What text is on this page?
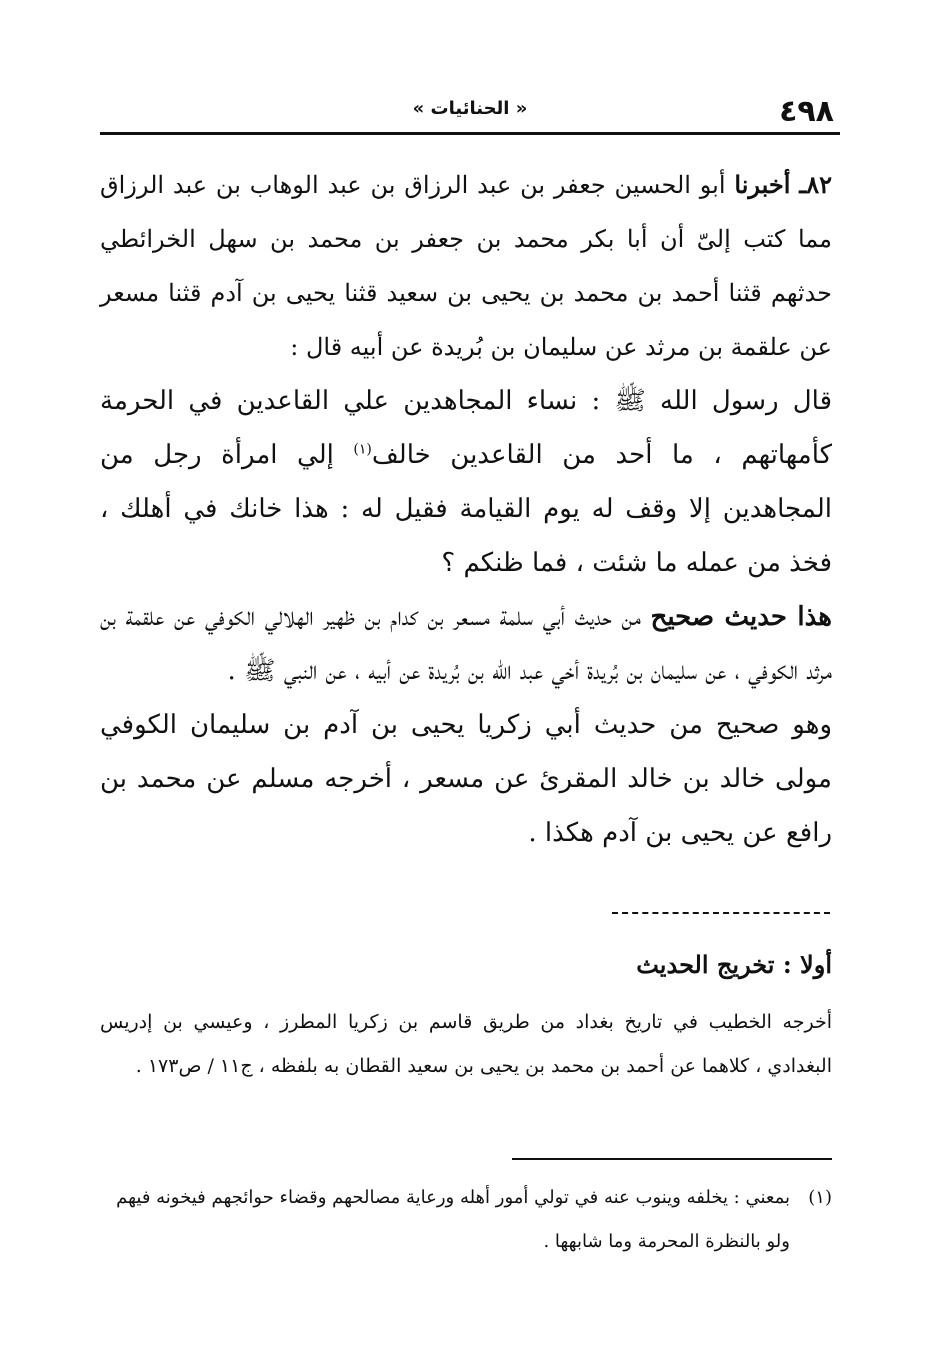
٤٩٨
« الحنائيات »

٨٢ـ أخبرنا أبو الحسين جعفر بن عبد الرزاق بن عبد الوهاب بن عبد الرزاق مما كتب إلىّ أن أبا بكر محمد بن جعفر بن محمد بن سهل الخرائطي حدثهم قثنا أحمد بن محمد بن يحيى بن سعيد قثنا يحيى بن آدم قثنا مسعر عن علقمة بن مرثد عن سليمان بن بُريدة عن أبيه قال :

قال رسول الله ﷺ : نساء المجاهدين علي القاعدين في الحرمة كأمهاتهم ، ما أحد من القاعدين خالف$^{(١)}$ إلي امرأة رجل من المجاهدين إلا وقف له يوم القيامة فقيل له : هذا خانك في أهلك ، فخذ من عمله ما شئت ، فما ظنكم ؟

هذا حديث صحيح من حديث أبي سلمة مسعر بن كدام بن ظهير الهلالي الكوفي عن علقمة بن مرثد الكوفي ، عن سليمان بن بُريدة أخي عبد الله بن بُريدة عن أبيه ، عن النبي ﷺ .

وهو صحيح من حديث أبي زكريا يحيى بن آدم بن سليمان الكوفي مولى خالد بن خالد المقرئ عن مسعر ، أخرجه مسلم عن محمد بن رافع عن يحيى بن آدم هكذا .

أولا : تخريج الحديث
أخرجه الخطيب في تاريخ بغداد من طريق قاسم بن زكريا المطرز ، وعيسي بن إدريس البغدادي ، كلاهما عن أحمد بن محمد بن يحيى بن سعيد القطان به بلفظه ، ج١١ / ص١٧٣ .
(١)
بمعني : يخلفه وينوب عنه في تولي أمور أهله ورعاية مصالحهم وقضاء حوائجهم فيخونه فيهم ولو بالنظرة المحرمة وما شابهها .
